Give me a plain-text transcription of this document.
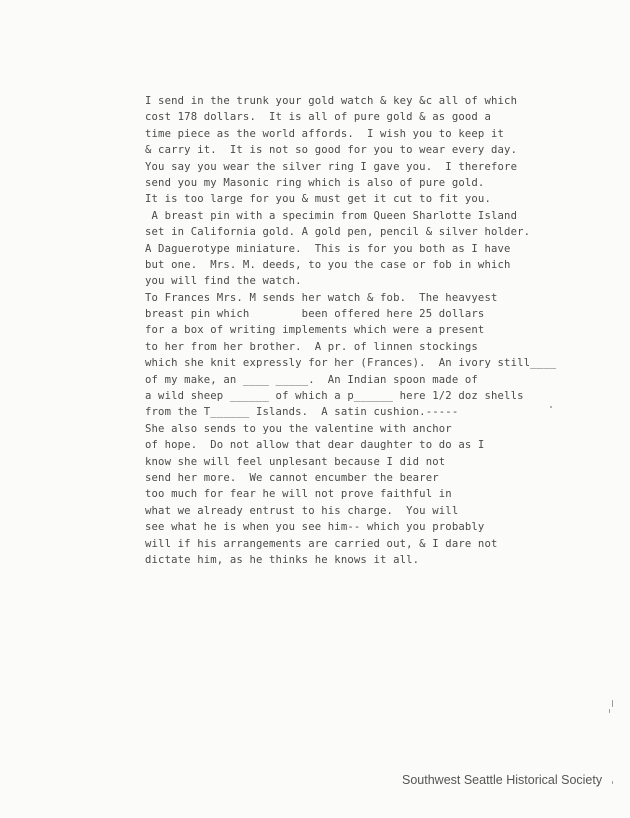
I send in the trunk your gold watch & key &c all of which
cost 178 dollars.  It is all of pure gold & as good a
time piece as the world affords.  I wish you to keep it
& carry it.  It is not so good for you to wear every day.
You say you wear the silver ring I gave you.  I therefore
send you my Masonic ring which is also of pure gold.
It is too large for you & must get it cut to fit you.
A breast pin with a specimin from Queen Sharlotte Island
set in California gold. A gold pen, pencil & silver holder.
A Daguerotype miniature.  This is for you both as I have
but one.  Mrs. M. deeds, to you the case or fob in which
you will find the watch.
To Frances Mrs. M sends her watch & fob.  The heavyest
breast pin which        been offered here 25 dollars
for a box of writing implements which were a present
to her from her brother.  A pr. of linnen stockings
which she knit expressly for her (Frances).  An ivory still____
of my make, an ____ _____.  An Indian spoon made of
a wild sheep ______ of which a p______ here 1/2 doz shells
from the T______ Islands.  A satin cushion.-----
She also sends to you the valentine with anchor
of hope.  Do not allow that dear daughter to do as I
know she will feel unplesant because I did not
send her more.  We cannot encumber the bearer
too much for fear he will not prove faithful in
what we already entrust to his charge.  You will
see what he is when you see him-- which you probably
will if his arrangements are carried out, & I dare not
dictate him, as he thinks he knows it all.
Southwest Seattle Historical Society
